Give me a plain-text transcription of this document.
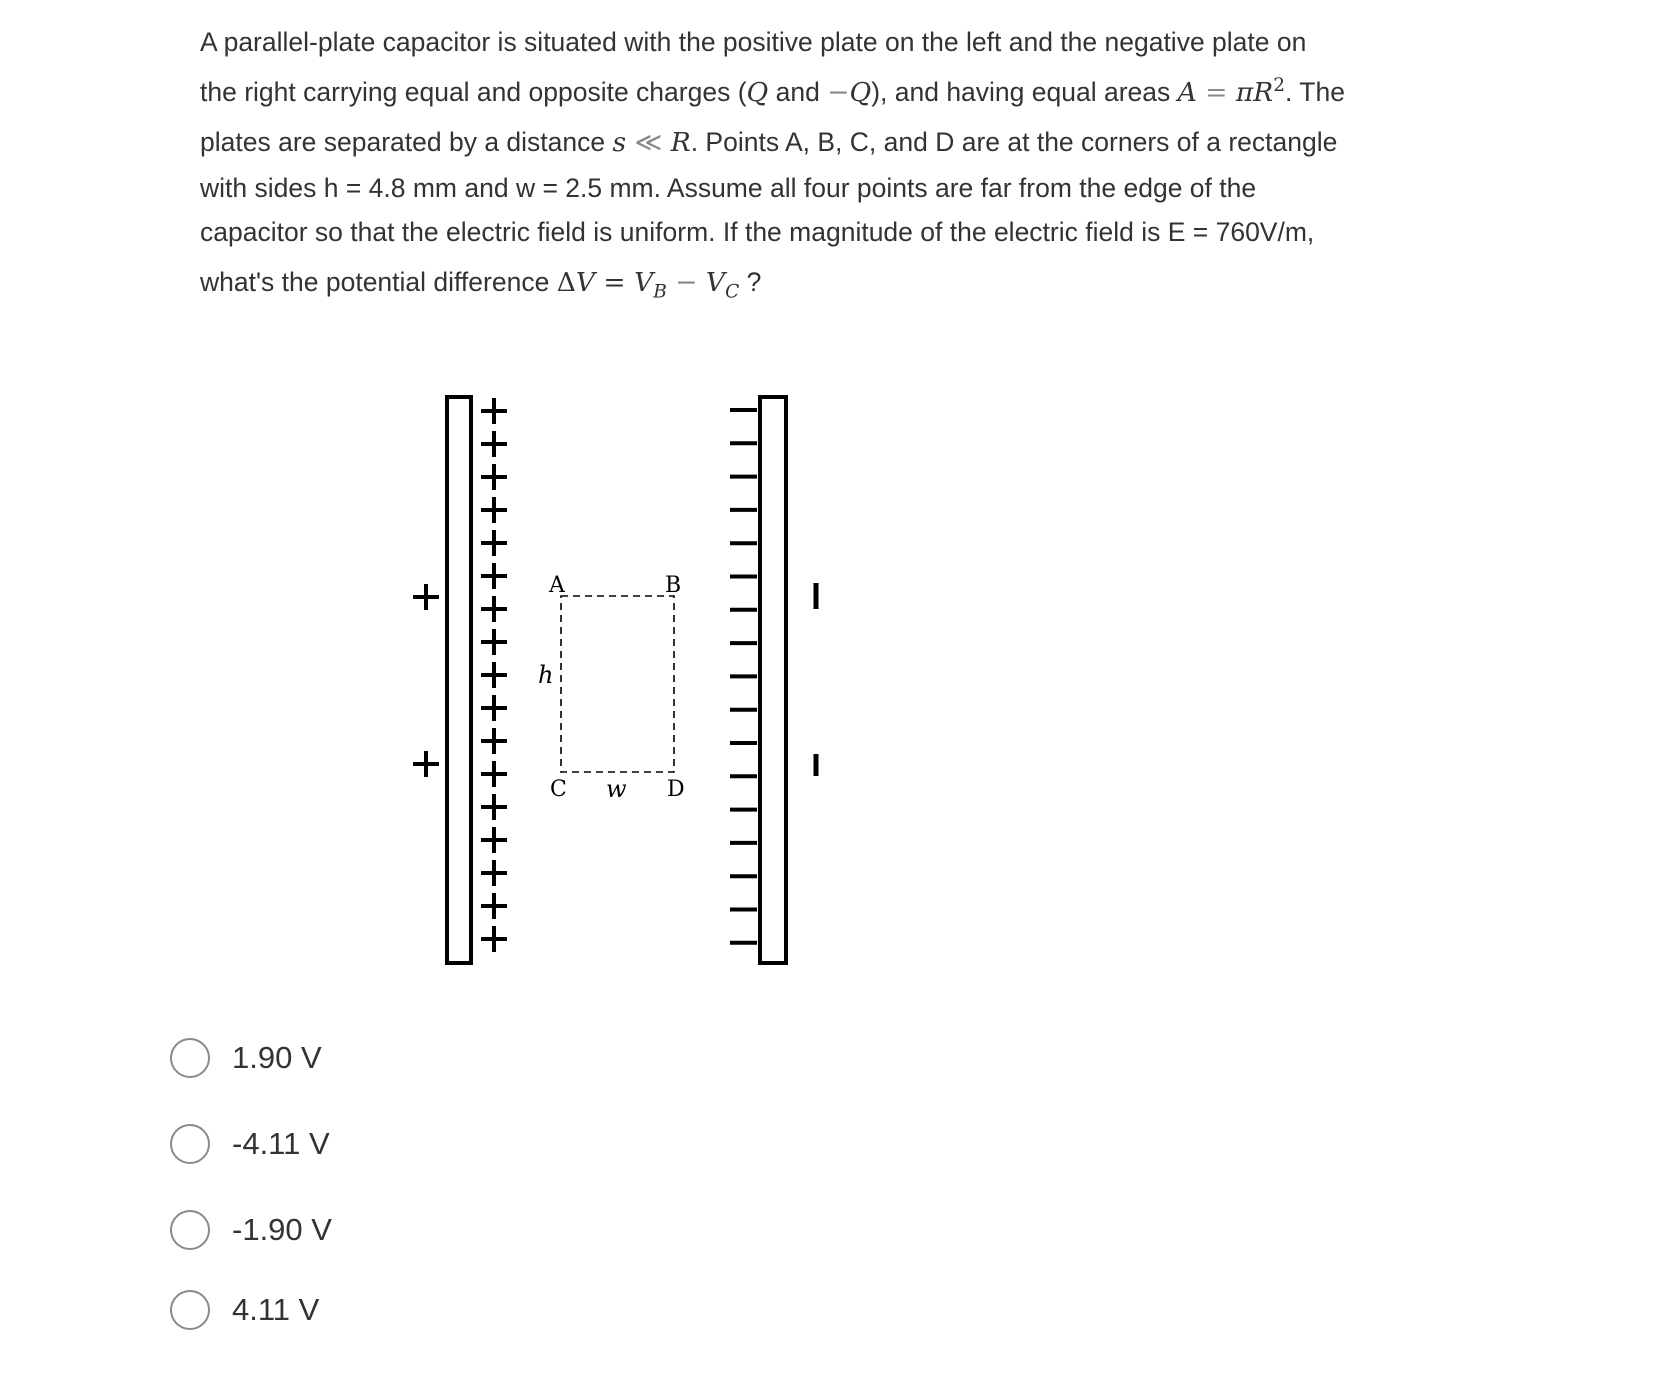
A parallel-plate capacitor is situated with the positive plate on the left and the negative plate on
the right carrying equal and opposite charges (Q and −Q), and having equal areas $A = \pi R^2$. The
plates are separated by a distance s ≪ R. Points A, B, C, and D are at the corners of a rectangle
with sides h = 4.8 mm and w = 2.5 mm. Assume all four points are far from the edge of the
capacitor so that the electric field is uniform. If the magnitude of the electric field is E = 760V/m,
what's the potential difference $\Delta V = V_B - V_C$ ?
A	B
C	D
h
w
1.90 V
-4.11 V
-1.90 V
4.11 V
